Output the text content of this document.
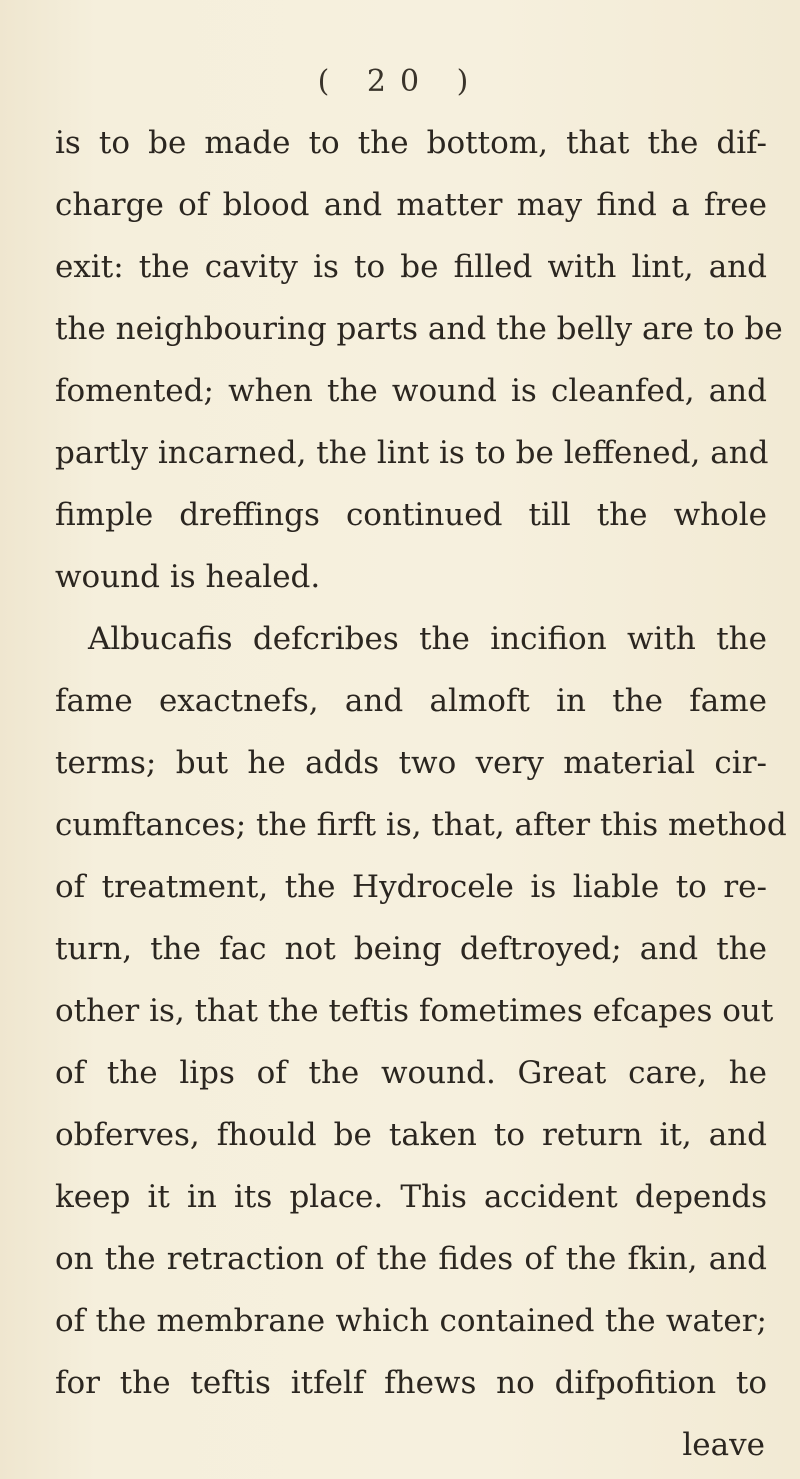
( 20 )
is to be made to the bottom, that the dif-
charge of blood and matter may find a free
exit: the cavity is to be filled with lint, and
the neighbouring parts and the belly are to be
fomented; when the wound is cleanfed, and
partly incarned, the lint is to be leffened, and
fimple dreffings continued till the whole
wound is healed.
Albucafis defcribes the incifion with the
fame exactnefs, and almoft in the fame
terms; but he adds two very material cir-
cumftances; the firft is, that, after this method
of treatment, the Hydrocele is liable to re-
turn, the fac not being deftroyed; and the
other is, that the teftis fometimes efcapes out
of the lips of the wound. Great care, he
obferves, fhould be taken to return it, and
keep it in its place. This accident depends
on the retraction of the fides of the fkin, and
of the membrane which contained the water;
for the teftis itfelf fhews no difpofition to
leave
